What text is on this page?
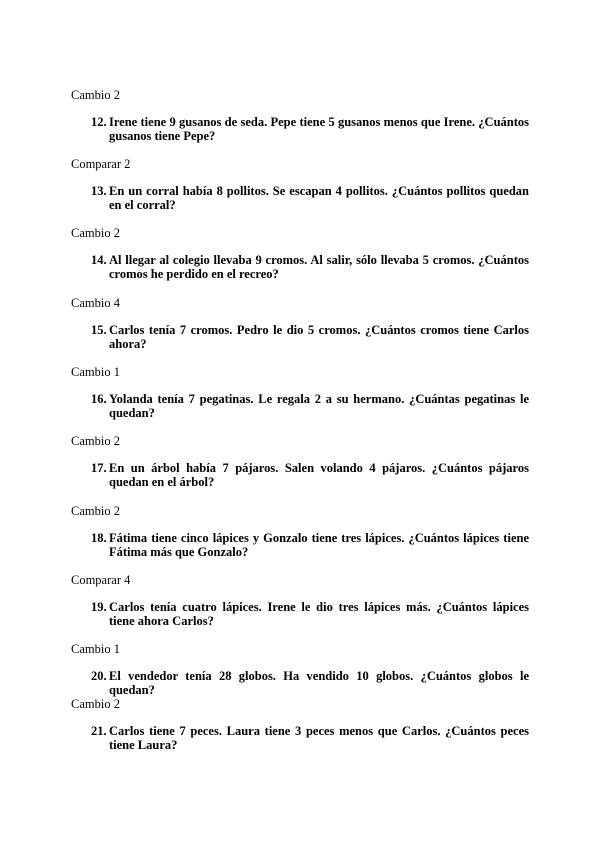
Cambio 2
12. Irene tiene 9 gusanos de seda. Pepe tiene 5 gusanos menos que Irene. ¿Cuántos gusanos tiene Pepe?
Comparar 2
13. En un corral había 8 pollitos. Se escapan 4 pollitos. ¿Cuántos pollitos quedan en el corral?
Cambio 2
14. Al llegar al colegio llevaba 9 cromos. Al salir, sólo llevaba 5 cromos. ¿Cuántos cromos he perdido en el recreo?
Cambio 4
15. Carlos tenía 7 cromos. Pedro le dio 5 cromos. ¿Cuántos cromos tiene Carlos ahora?
Cambio 1
16. Yolanda tenía 7 pegatinas. Le regala 2 a su hermano. ¿Cuántas pegatinas le quedan?
Cambio 2
17. En un árbol había 7 pájaros. Salen volando 4 pájaros. ¿Cuántos pájaros quedan en el árbol?
Cambio 2
18. Fátima tiene cinco lápices y Gonzalo tiene tres lápices. ¿Cuántos lápices tiene Fátima más que Gonzalo?
Comparar 4
19. Carlos tenía cuatro lápices. Irene le dio tres lápices más. ¿Cuántos lápices tiene ahora Carlos?
Cambio 1
20. El vendedor tenía 28 globos. Ha vendido 10 globos. ¿Cuántos globos le quedan?
Cambio 2
21. Carlos tiene 7 peces. Laura tiene 3 peces menos que Carlos. ¿Cuántos peces tiene Laura?
